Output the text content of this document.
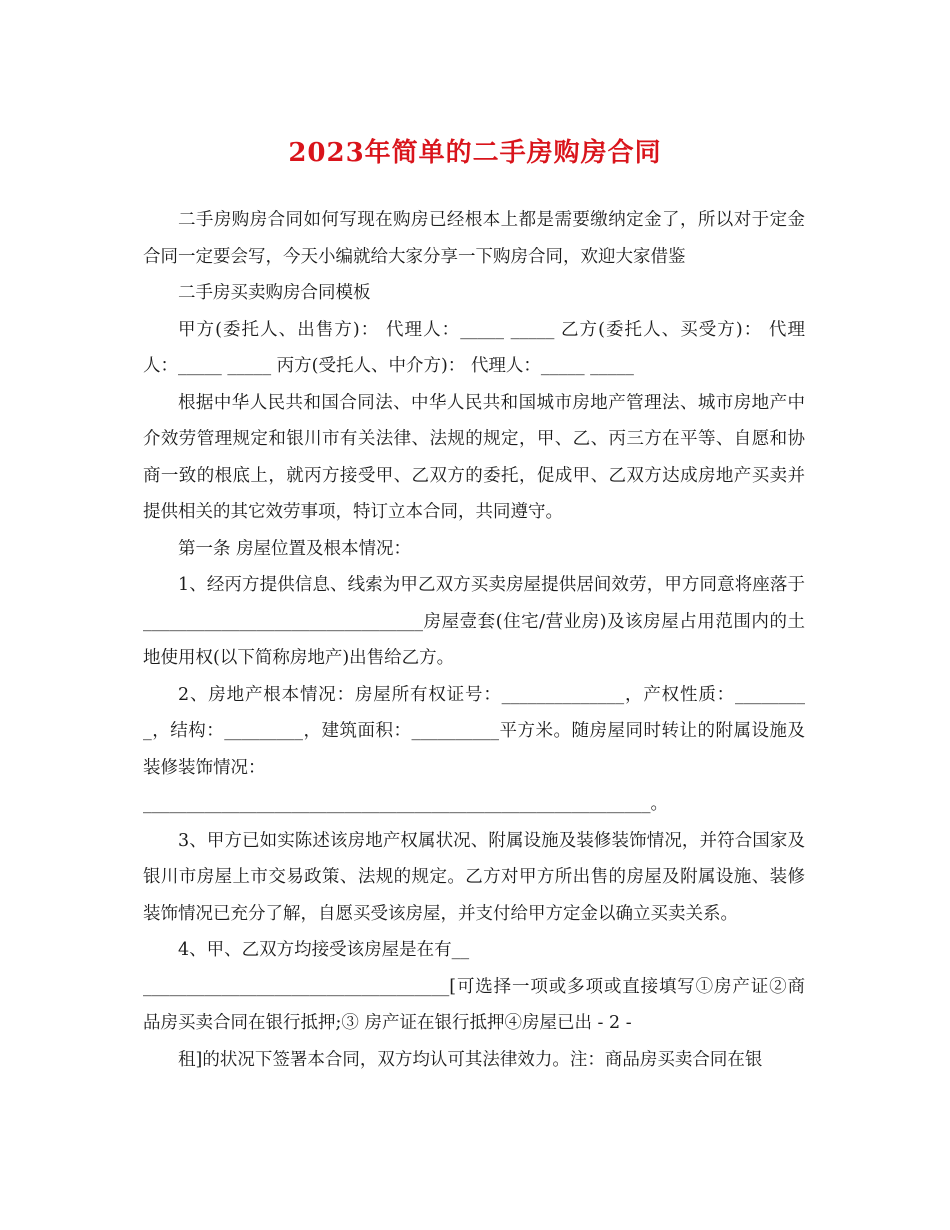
2023年简单的二手房购房合同

二手房购房合同如何写现在购房已经根本上都是需要缴纳定金了，所以对于定金合同一定要会写，今天小编就给大家分享一下购房合同，欢迎大家借鉴

二手房买卖购房合同模板

甲方(委托人、出售方)： 代理人：_____ _____ 乙方(委托人、买受方)： 代理人：_____ _____ 丙方(受托人、中介方)： 代理人：_____ _____

根据中华人民共和国合同法、中华人民共和国城市房地产管理法、城市房地产中介效劳管理规定和银川市有关法律、法规的规定，甲、乙、丙三方在平等、自愿和协商一致的根底上，就丙方接受甲、乙双方的委托，促成甲、乙双方达成房地产买卖并提供相关的其它效劳事项，特订立本合同，共同遵守。

第一条 房屋位置及根本情况：

1、经丙方提供信息、线索为甲乙双方买卖房屋提供居间效劳，甲方同意将座落于________________________________房屋壹套(住宅/营业房)及该房屋占用范围内的土地使用权(以下简称房地产)出售给乙方。

2、房地产根本情况：房屋所有权证号：______________，产权性质：_________，结构：_________，建筑面积：__________平方米。随房屋同时转让的附属设施及装修装饰情况：

__________________________________________________________。

3、甲方已如实陈述该房地产权属状况、附属设施及装修装饰情况，并符合国家及银川市房屋上市交易政策、法规的规定。乙方对甲方所出售的房屋及附属设施、装修装饰情况已充分了解，自愿买受该房屋，并支付给甲方定金以确立买卖关系。

4、甲、乙双方均接受该房屋是在有__

___________________________________[可选择一项或多项或直接填写①房产证②商品房买卖合同在银行抵押;③ 房产证在银行抵押④房屋已出 - 2 -

租]的状况下签署本合同，双方均认可其法律效力。注：商品房买卖合同在银
